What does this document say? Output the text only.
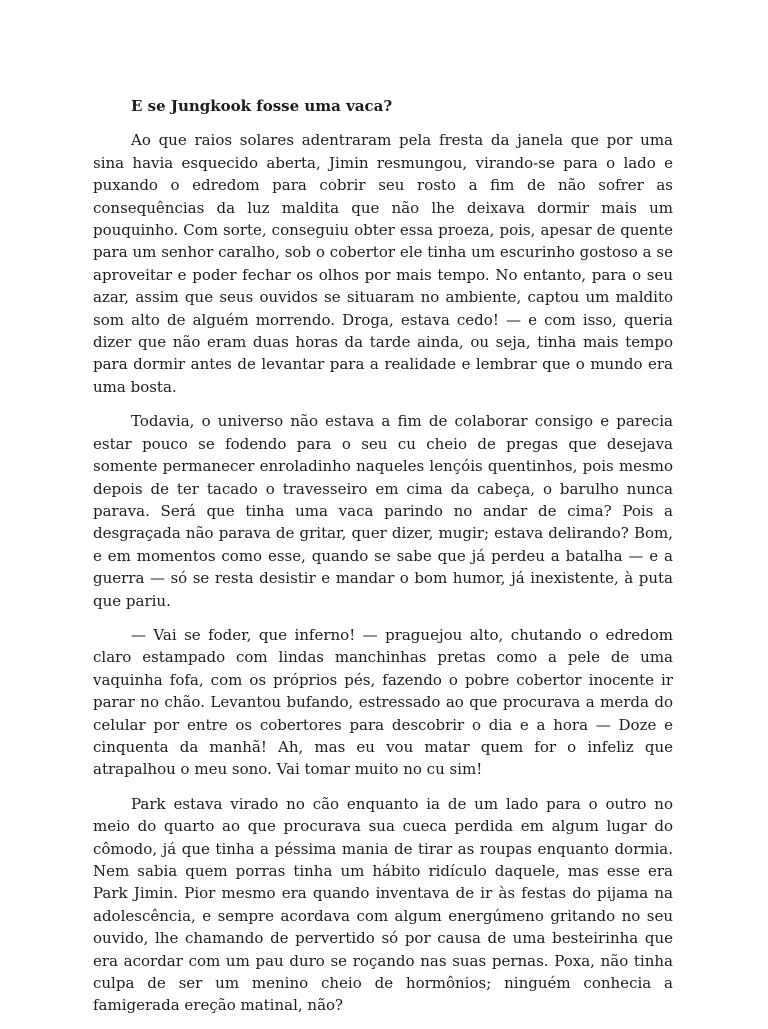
E se Jungkook fosse uma vaca?

Ao que raios solares adentraram pela fresta da janela que por uma sina havia esquecido aberta, Jimin resmungou, virando-se para o lado e puxando o edredom para cobrir seu rosto a fim de não sofrer as consequências da luz maldita que não lhe deixava dormir mais um pouquinho. Com sorte, conseguiu obter essa proeza, pois, apesar de quente para um senhor caralho, sob o cobertor ele tinha um escurinho gostoso a se aproveitar e poder fechar os olhos por mais tempo. No entanto, para o seu azar, assim que seus ouvidos se situaram no ambiente, captou um maldito som alto de alguém morrendo. Droga, estava cedo! — e com isso, queria dizer que não eram duas horas da tarde ainda, ou seja, tinha mais tempo para dormir antes de levantar para a realidade e lembrar que o mundo era uma bosta.

Todavia, o universo não estava a fim de colaborar consigo e parecia estar pouco se fodendo para o seu cu cheio de pregas que desejava somente permanecer enroladinho naqueles lençóis quentinhos, pois mesmo depois de ter tacado o travesseiro em cima da cabeça, o barulho nunca parava. Será que tinha uma vaca parindo no andar de cima? Pois a desgraçada não parava de gritar, quer dizer, mugir; estava delirando? Bom, e em momentos como esse, quando se sabe que já perdeu a batalha — e a guerra — só se resta desistir e mandar o bom humor, já inexistente, à puta que pariu.

— Vai se foder, que inferno! — praguejou alto, chutando o edredom claro estampado com lindas manchinhas pretas como a pele de uma vaquinha fofa, com os próprios pés, fazendo o pobre cobertor inocente ir parar no chão. Levantou bufando, estressado ao que procurava a merda do celular por entre os cobertores para descobrir o dia e a hora — Doze e cinquenta da manhã! Ah, mas eu vou matar quem for o infeliz que atrapalhou o meu sono. Vai tomar muito no cu sim!

Park estava virado no cão enquanto ia de um lado para o outro no meio do quarto ao que procurava sua cueca perdida em algum lugar do cômodo, já que tinha a péssima mania de tirar as roupas enquanto dormia. Nem sabia quem porras tinha um hábito ridículo daquele, mas esse era Park Jimin. Pior mesmo era quando inventava de ir às festas do pijama na adolescência, e sempre acordava com algum energúmeno gritando no seu ouvido, lhe chamando de pervertido só por causa de uma besteirinha que era acordar com um pau duro se roçando nas suas pernas. Poxa, não tinha culpa de ser um menino cheio de hormônios; ninguém conhecia a famigerada ereção matinal, não?
